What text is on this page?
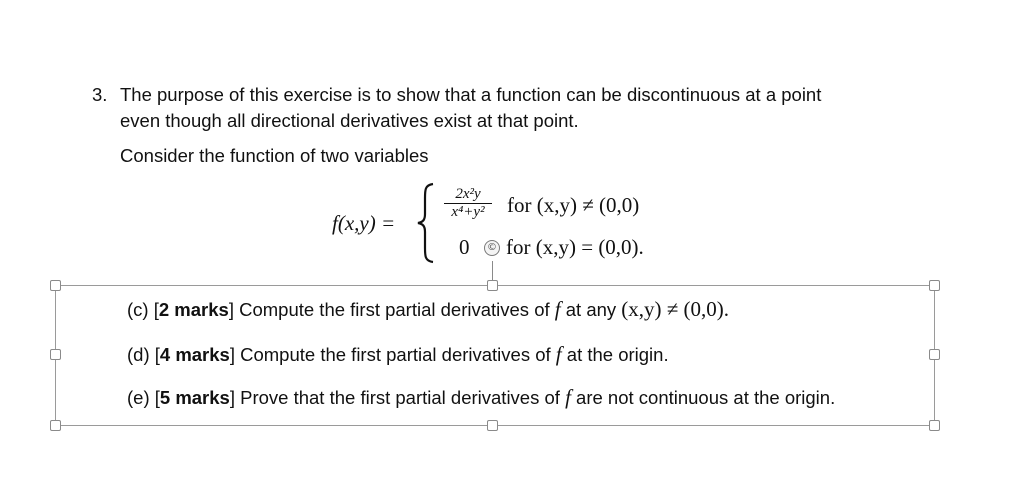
3. The purpose of this exercise is to show that a function can be discontinuous at a point
even though all directional derivatives exist at that point.
Consider the function of two variables
f(x,y) =
2x²y
x⁴+y²	for (x,y) ≠ (0,0)
0	© for (x,y) = (0,0).
(c) [2 marks] Compute the first partial derivatives of f at any (x,y) ≠ (0,0).
(d) [4 marks] Compute the first partial derivatives of f at the origin.
(e) [5 marks] Prove that the first partial derivatives of f are not continuous at the origin.
